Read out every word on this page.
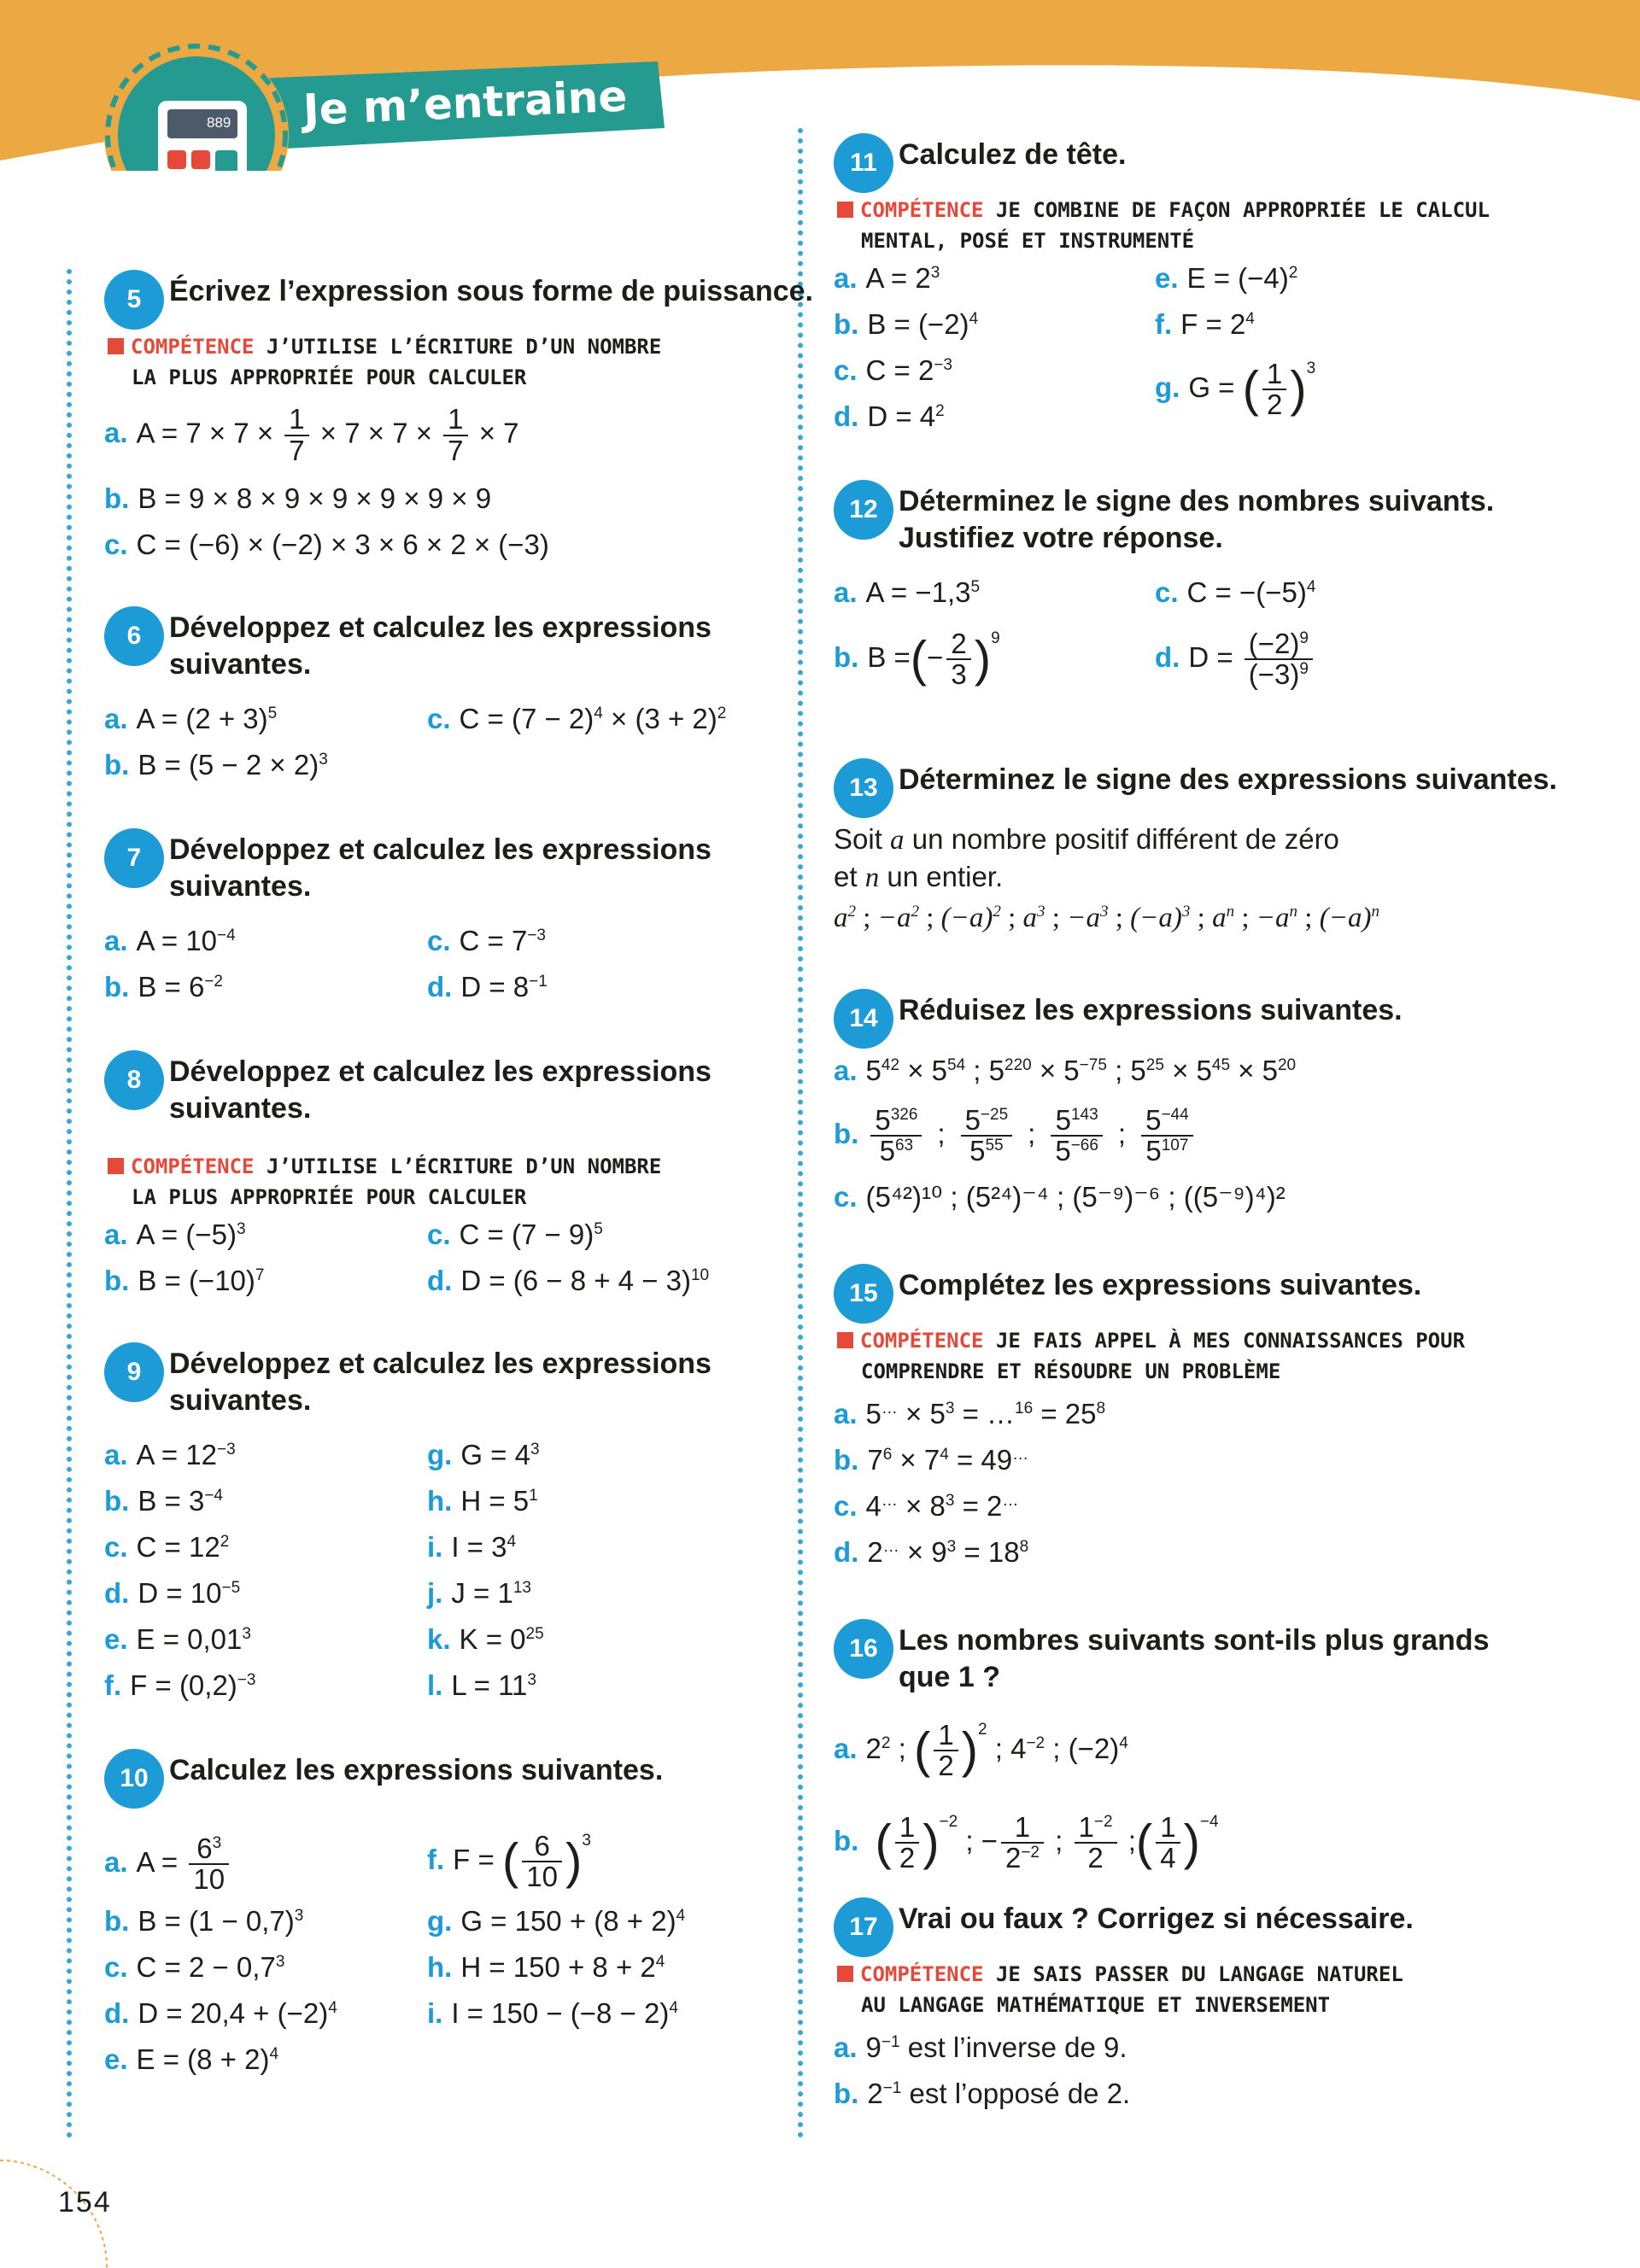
889 Je m’entraine
5 Écrivez l’expression sous forme de puissance.
COMPÉTENCE J’UTILISE L’ÉCRITURE D’UN NOMBRE
LA PLUS APPROPRIÉE POUR CALCULER
a. $A = 7 \times 7 \times \frac{1}{7} \times 7 \times 7 \times \frac{1}{7} \times 7$
b. B = 9 × 8 × 9 × 9 × 9 × 9 × 9
c. C = (−6) × (−2) × 3 × 6 × 2 × (−3)
6 Développez et calculez les expressions
suivantes.
a. $A = (2 + 3)^5$
b. $B = (5 - 2 \times 2)^3$
c. $C = (7 - 2)^4 \times (3 + 2)^2$
7 Développez et calculez les expressions
suivantes.
a. $A = 10^{-4}$
b. $B = 6^{-2}$
c. $C = 7^{-3}$
d. $D = 8^{-1}$
8 Développez et calculez les expressions
suivantes.
COMPÉTENCE J’UTILISE L’ÉCRITURE D’UN NOMBRE
LA PLUS APPROPRIÉE POUR CALCULER
a. $A = (-5)^3$
b. $B = (-10)^7$
c. $C = (7 - 9)^5$
d. $D = (6 - 8 + 4 - 3)^{10}$
9 Développez et calculez les expressions
suivantes.
a. $A = 12^{-3}$
b. $B = 3^{-4}$
c. $C = 12^2$
d. $D = 10^{-5}$
e. $E = 0,01^3$
f. $F = (0,2)^{-3}$
g. $G = 4^3$
h. $H = 5^1$
i. $I = 3^4$
j. $J = 1^{13}$
k. $K = 0^{25}$
l. $L = 11^3$
10 Calculez les expressions suivantes.
a. $A = \frac{6^3}{10}$
b. $B = (1 - 0,7)^3$
c. $C = 2 - 0,7^3$
d. $D = 20,4 + (-2)^4$
e. $E = (8 + 2)^4$
f. F = ( $\frac{6}{10} )^3$
g. $G = 150 + (8 + 2)^4$
h. $H = 150 + 8 + 2^4$
i. $I = 150 - (-8 - 2)^4$
11 Calculez de tête.
COMPÉTENCE JE COMBINE DE FAÇON APPROPRIÉE LE CALCUL
MENTAL, POSÉ ET INSTRUMENTÉ
a. $A = 2^3$
b. $B = (-2)^4$
c. $C = 2^{-3}$
d. $D = 4^2$
e. $E = (-4)^2$
f. $F = 2^4$
g. G = ( $\frac{1}{2} )^3$
12 Déterminez le signe des nombres suivants.
Justifiez votre réponse.
a. $A = -1,3^5$
b. B =(− $\frac{2}{3} )^9$
c. $C = -(-5)^4$
d. $D = \frac{(-2)^9}{(-3)^9}$
13 Déterminez le signe des expressions suivantes.
Soit a un nombre positif différent de zéro
et n un entier.
$a^2$ ; $-a^2$ ; $(-a)^2$ ; $a^3$ ; $-a^3$ ; $(-a)^3$ ; $a^n$ ; $-a^n$ ; $(-a)^n$
14 Réduisez les expressions suivantes.
a. $5^{42} \times 5^{54}$ ; $5^{220} \times 5^{-75}$ ; $5^{25} \times 5^{45} \times 5^{20}$
b. $\frac{5^{326}}{5^{63}}$ ; $\frac{5^{-25}}{5^{55}}$ ; $\frac{5^{143}}{5^{-66}}$ ; $\frac{5^{-44}}{5^{107}}$
c. (5⁴²)¹⁰ ; (5²⁴)⁻⁴ ; (5⁻⁹)⁻⁶ ; ((5⁻⁹)⁴)²
15 Complétez les expressions suivantes.
COMPÉTENCE JE FAIS APPEL À MES CONNAISSANCES POUR
COMPRENDRE ET RÉSOUDRE UN PROBLÈME
a. $5^\dots \times 5^3$ = …$^{16}$ = $25^8$
b. $7^6 \times 7^4 = 49^\dots$
c. $4^\dots \times 8^3 = 2^\dots$
d. $2^\dots \times 9^3 = 18^8$
16 Les nombres suivants sont-ils plus grands
que 1 ?
a. $2^2$ ; ( $\frac{1}{2} )^2$ ; $4^{-2}$ ; $(-2)^4$
b. ( $\frac{1}{2} )^{-2}$ ; − $\frac{1}{2^{-2}}$ ; $\frac{1^{-2}}{2}$ ;( $\frac{1}{4} )^{-4}$
17 Vrai ou faux ? Corrigez si nécessaire.
COMPÉTENCE JE SAIS PASSER DU LANGAGE NATUREL
AU LANGAGE MATHÉMATIQUE ET INVERSEMENT
a. $9^{-1}$ est l’inverse de 9.
b. $2^{-1}$ est l’opposé de 2.
154
